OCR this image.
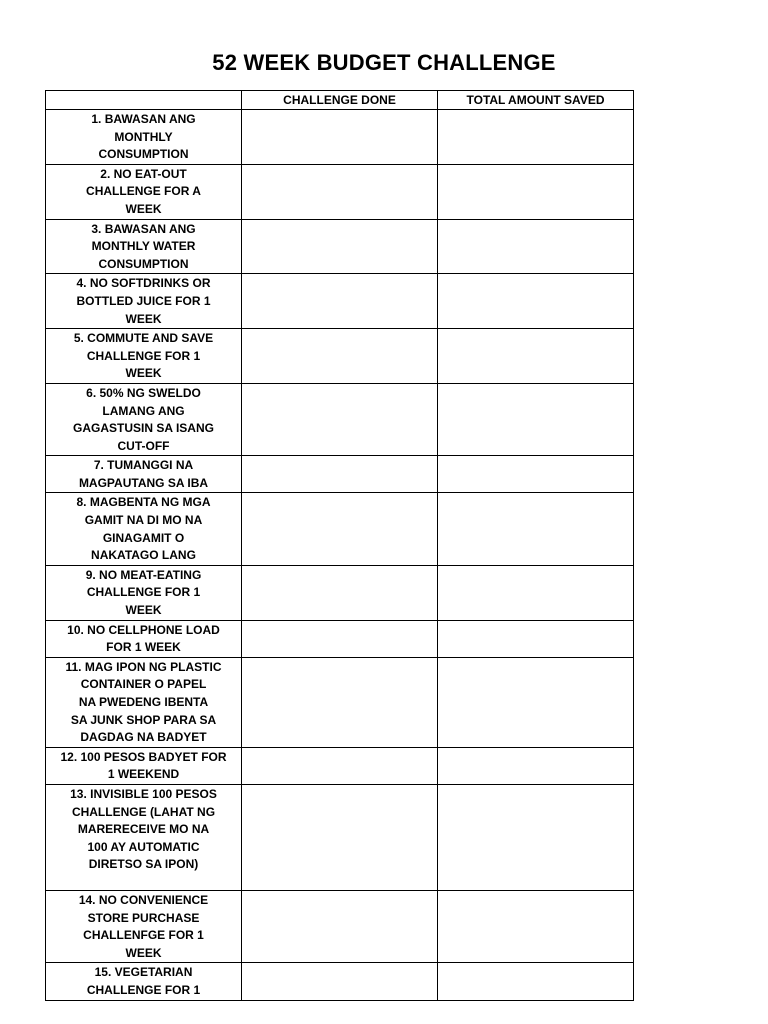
52 WEEK BUDGET CHALLENGE
	CHALLENGE DONE	TOTAL AMOUNT SAVED

1. BAWASAN ANG
MONTHLY
CONSUMPTION		

2. NO EAT-OUT
CHALLENGE FOR A
WEEK		

3. BAWASAN ANG
MONTHLY WATER
CONSUMPTION		

4. NO SOFTDRINKS OR
BOTTLED JUICE FOR 1
WEEK		

5. COMMUTE AND SAVE
CHALLENGE FOR 1
WEEK		

6. 50% NG SWELDO
LAMANG ANG
GAGASTUSIN SA ISANG
CUT-OFF		

7. TUMANGGI NA
MAGPAUTANG SA IBA		

8. MAGBENTA NG MGA
GAMIT NA DI MO NA
GINAGAMIT O
NAKATAGO LANG		

9. NO MEAT-EATING
CHALLENGE FOR 1
WEEK		

10. NO CELLPHONE LOAD
FOR 1 WEEK		

11. MAG IPON NG PLASTIC
CONTAINER O PAPEL
NA PWEDENG IBENTA
SA JUNK SHOP PARA SA
DAGDAG NA BADYET		

12. 100 PESOS BADYET FOR
1 WEEKEND		

13. INVISIBLE 100 PESOS
CHALLENGE (LAHAT NG
MARERECEIVE MO NA
100 AY AUTOMATIC
DIRETSO SA IPON)		

14. NO CONVENIENCE
STORE PURCHASE
CHALLENFGE FOR 1
WEEK		

15. VEGETARIAN
CHALLENGE FOR 1		
